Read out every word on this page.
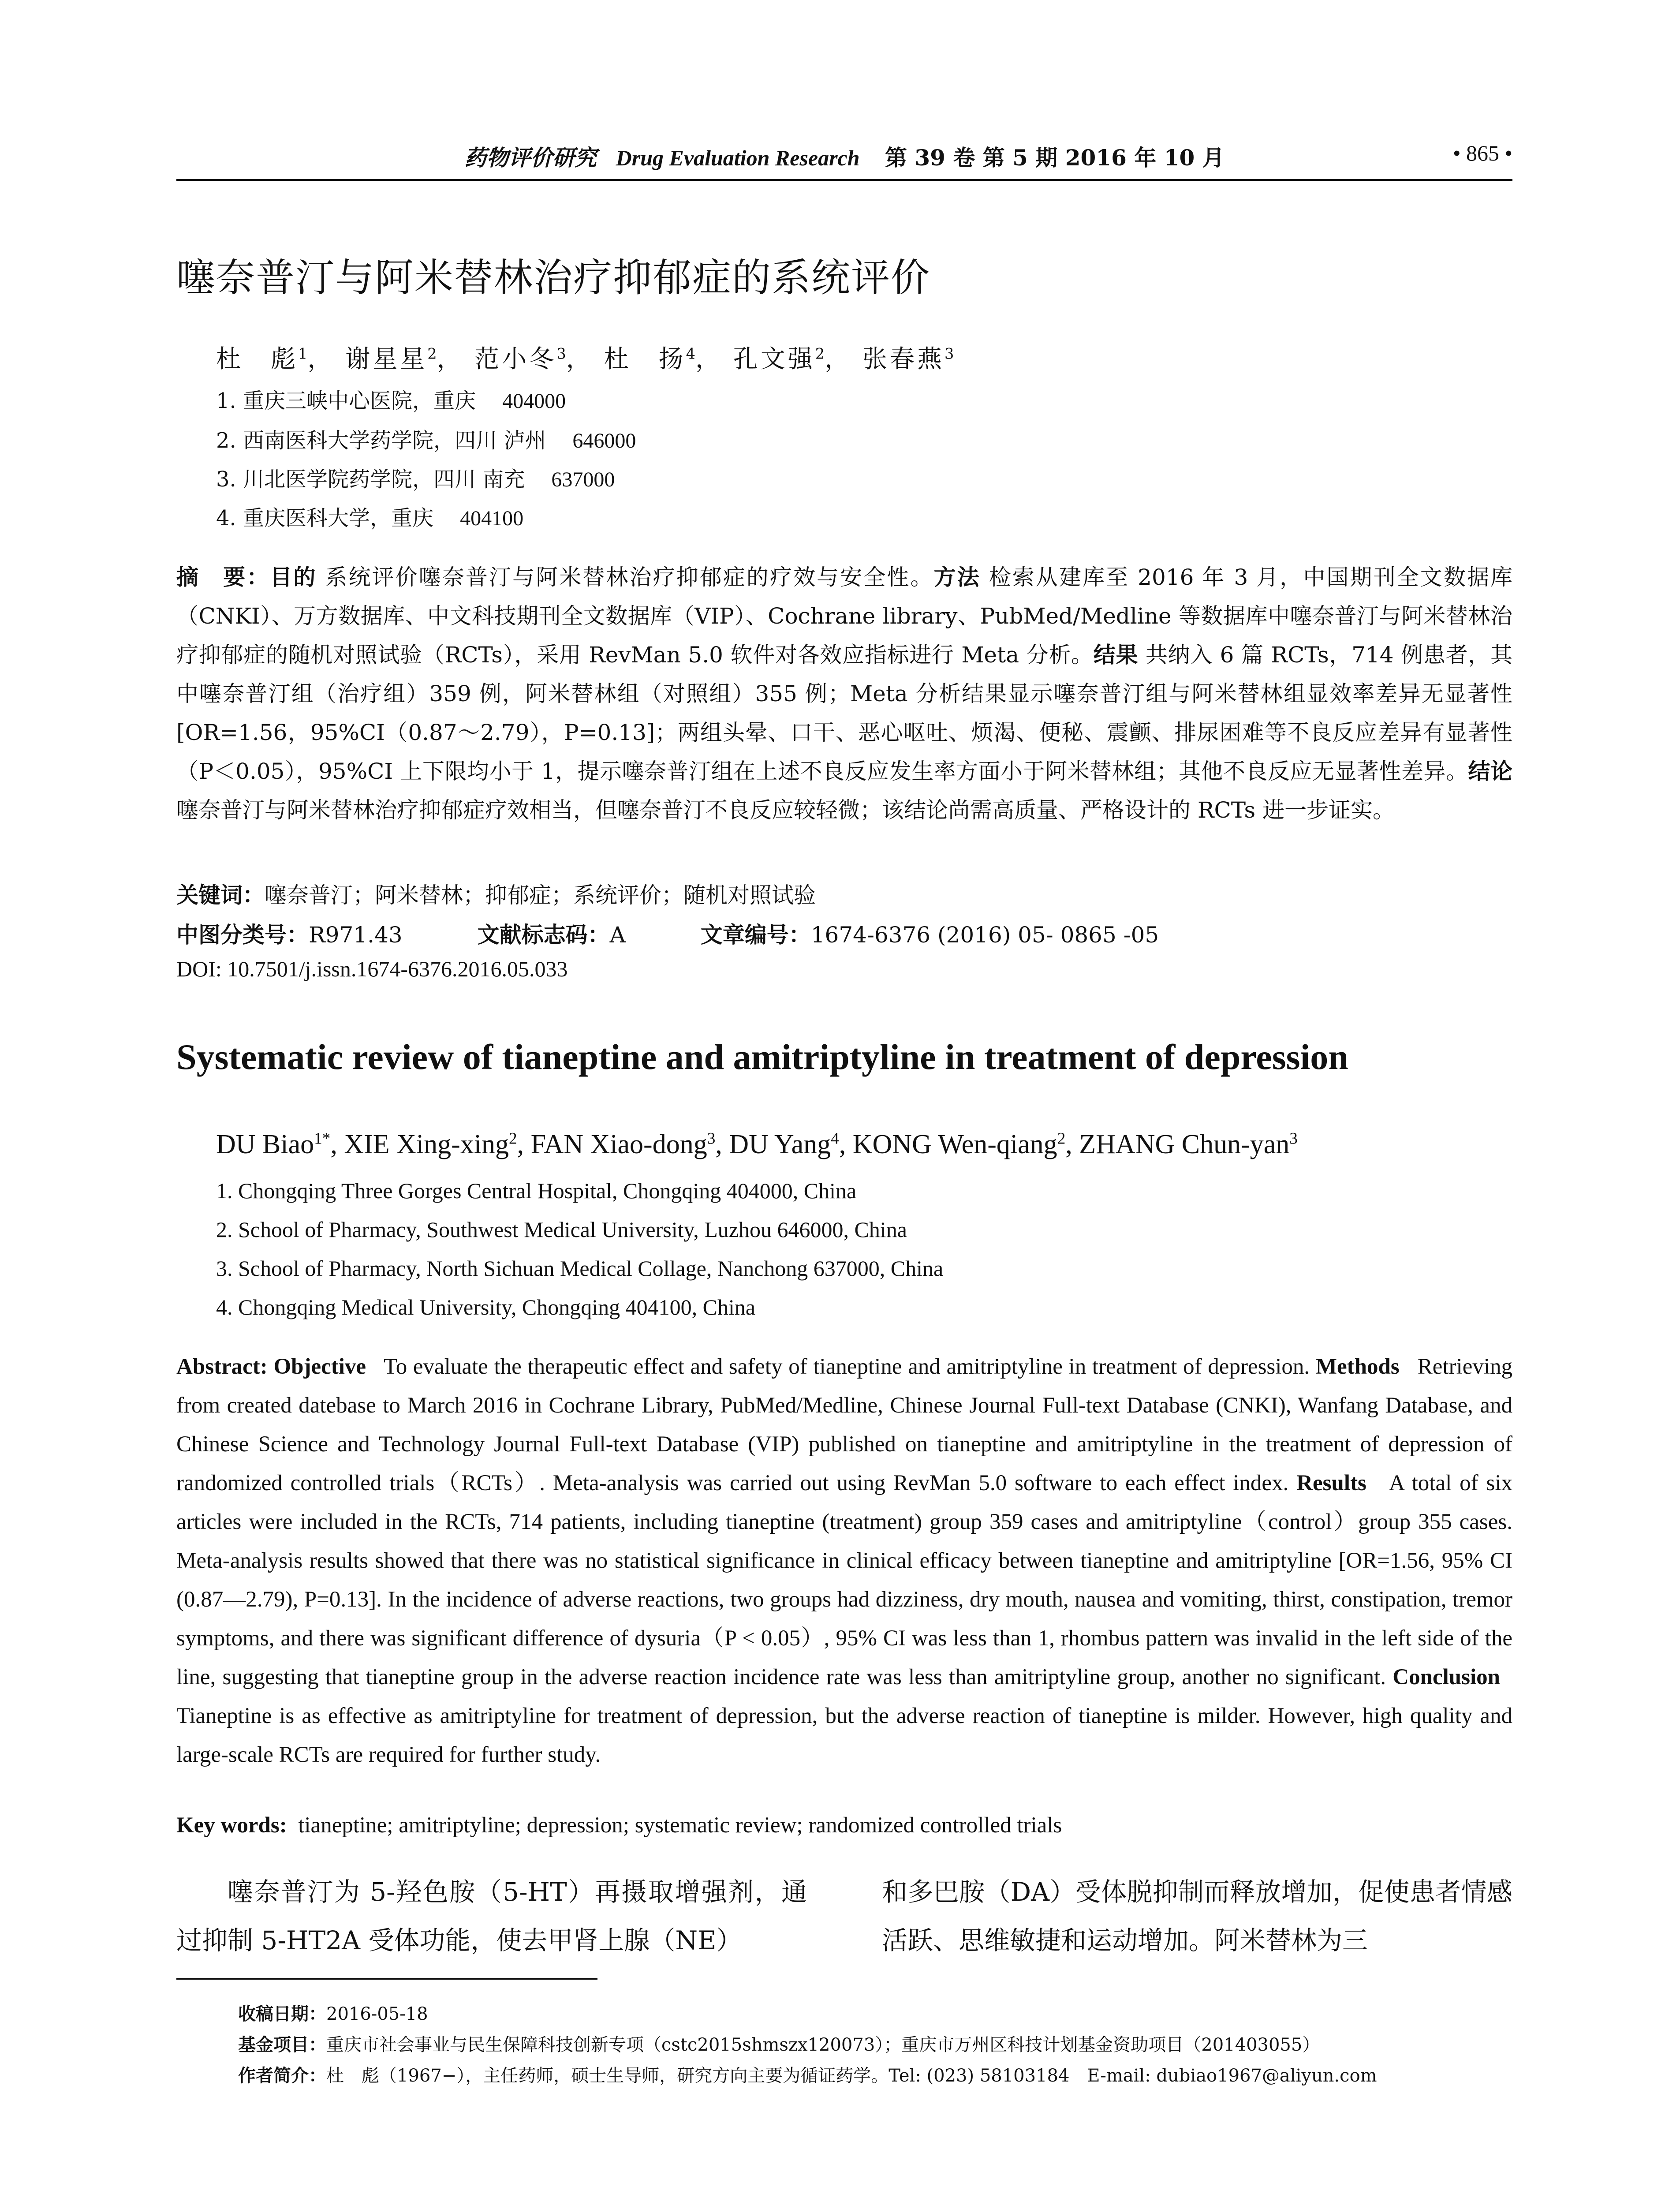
药物评价研究 Drug Evaluation Research 第 39 卷 第 5 期 2016 年 10 月	• 865 •
噻奈普汀与阿米替林治疗抑郁症的系统评价
杜　彪$^1$， 谢星星$^2$， 范小冬$^3$， 杜　扬$^4$， 孔文强$^2$， 张春燕$^3$
1. 重庆三峡中心医院，重庆 404000
2. 西南医科大学药学院，四川 泸州 646000
3. 川北医学院药学院，四川 南充 637000
4. 重庆医科大学，重庆 404100
摘　要：目的 系统评价噻奈普汀与阿米替林治疗抑郁症的疗效与安全性。方法 检索从建库至 2016 年 3 月，中国期刊全文数据库（CNKI）、万方数据库、中文科技期刊全文数据库（VIP）、Cochrane library、PubMed/Medline 等数据库中噻奈普汀与阿米替林治疗抑郁症的随机对照试验（RCTs），采用 RevMan 5.0 软件对各效应指标进行 Meta 分析。结果 共纳入 6 篇 RCTs，714 例患者，其中噻奈普汀组（治疗组）359 例，阿米替林组（对照组）355 例；Meta 分析结果显示噻奈普汀组与阿米替林组显效率差异无显著性[OR=1.56，95%CI（0.87～2.79），P=0.13]；两组头晕、口干、恶心呕吐、烦渴、便秘、震颤、排尿困难等不良反应差异有显著性（P＜0.05），95%CI 上下限均小于 1，提示噻奈普汀组在上述不良反应发生率方面小于阿米替林组；其他不良反应无显著性差异。结论 噻奈普汀与阿米替林治疗抑郁症疗效相当，但噻奈普汀不良反应较轻微；该结论尚需高质量、严格设计的 RCTs 进一步证实。
关键词：噻奈普汀；阿米替林；抑郁症；系统评价；随机对照试验
中图分类号：R971.43	文献标志码：A	文章编号：1674-6376 (2016) 05- 0865 -05
DOI: 10.7501/j.issn.1674-6376.2016.05.033
Systematic review of tianeptine and amitriptyline in treatment of depression
DU Biao$^{1*}$, XIE Xing-xing$^2$, FAN Xiao-dong$^3$, DU Yang$^4$, KONG Wen-qiang$^2$, ZHANG Chun-yan$^3$
1. Chongqing Three Gorges Central Hospital, Chongqing 404000, China
2. School of Pharmacy, Southwest Medical University, Luzhou 646000, China
3. School of Pharmacy, North Sichuan Medical Collage, Nanchong 637000, China
4. Chongqing Medical University, Chongqing 404100, China
Abstract: Objective To evaluate the therapeutic effect and safety of tianeptine and amitriptyline in treatment of depression. Methods Retrieving from created datebase to March 2016 in Cochrane Library, PubMed/Medline, Chinese Journal Full-text Database (CNKI), Wanfang Database, and Chinese Science and Technology Journal Full-text Database (VIP) published on tianeptine and amitriptyline in the treatment of depression of randomized controlled trials（RCTs）. Meta-analysis was carried out using RevMan 5.0 software to each effect index. Results A total of six articles were included in the RCTs, 714 patients, including tianeptine (treatment) group 359 cases and amitriptyline（control）group 355 cases. Meta-analysis results showed that there was no statistical significance in clinical efficacy between tianeptine and amitriptyline [OR=1.56, 95% CI (0.87—2.79), P=0.13]. In the incidence of adverse reactions, two groups had dizziness, dry mouth, nausea and vomiting, thirst, constipation, tremor symptoms, and there was significant difference of dysuria（P < 0.05）, 95% CI was less than 1, rhombus pattern was invalid in the left side of the line, suggesting that tianeptine group in the adverse reaction incidence rate was less than amitriptyline group, another no significant. Conclusion   Tianeptine is as effective as amitriptyline for treatment of depression, but the adverse reaction of tianeptine is milder. However, high quality and large-scale RCTs are required for further study.
Key words: tianeptine; amitriptyline; depression; systematic review; randomized controlled trials
噻奈普汀为 5-羟色胺（5-HT）再摄取增强剂，通过抑制 5-HT2A 受体功能，使去甲肾上腺（NE）
和多巴胺（DA）受体脱抑制而释放增加，促使患者情感活跃、思维敏捷和运动增加。阿米替林为三
收稿日期：2016-05-18
基金项目：重庆市社会事业与民生保障科技创新专项（cstc2015shmszx120073）；重庆市万州区科技计划基金资助项目（201403055）
作者简介：杜　彪（1967−），主任药师，硕士生导师，研究方向主要为循证药学。Tel: (023) 58103184　E-mail: dubiao1967@aliyun.com
